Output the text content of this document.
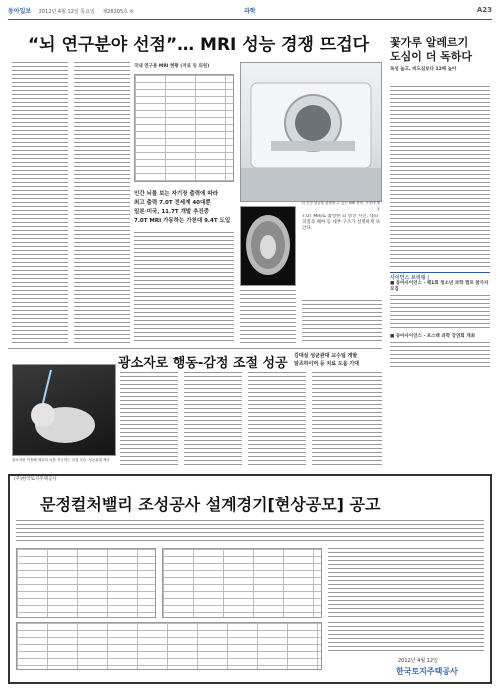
동아일보 2012년 4월 12일 목요일 제28205호 ⑥	과학	A23
“뇌 연구분야 선점”… MRI 성능 경쟁 뜨겁다
국내 연구용 MRI 현황 (자료 등 의원)
뇌 신경 섬유를 관찰할 수 있는 MRI 장비. 가천대 제공
인간 뇌를 보는 자기장 출력에 따라
최고 출력 7.0T 전세계 40대뿐
일본·미국, 11.7T 개발 추진중
7.0T MRI 가동하는 가천대 9.4T 도입
7.0T MRI로 촬영한 뇌 영상 사진. 대뇌 피질과 해마 등 세부 구조가 선명하게 보인다.
꽃가루 알레르기
도심이 더 독하다
독성 높고, 비도심보다 12배 높아
사이언스 브리핑 |
■ 동아사이언스 · 제1회 청소년 과학 캠프 참가자 모집
■ 동아사이언스 · 포스텍 과학 강연회 개최
광소자로 행동-감정 조절 성공 김대실 성균관대 교수팀 개발
알츠하이머 등 치료 도움 기대
광소자를 이용해 생쥐의 뇌를 자극하는 실험 모습. 성균관대 제공
(주)한국토지주택공사
문정컬처밸리 조성공사 설계경기[현상공모] 공고
2012년 4월 12일
한국토지주택공사
